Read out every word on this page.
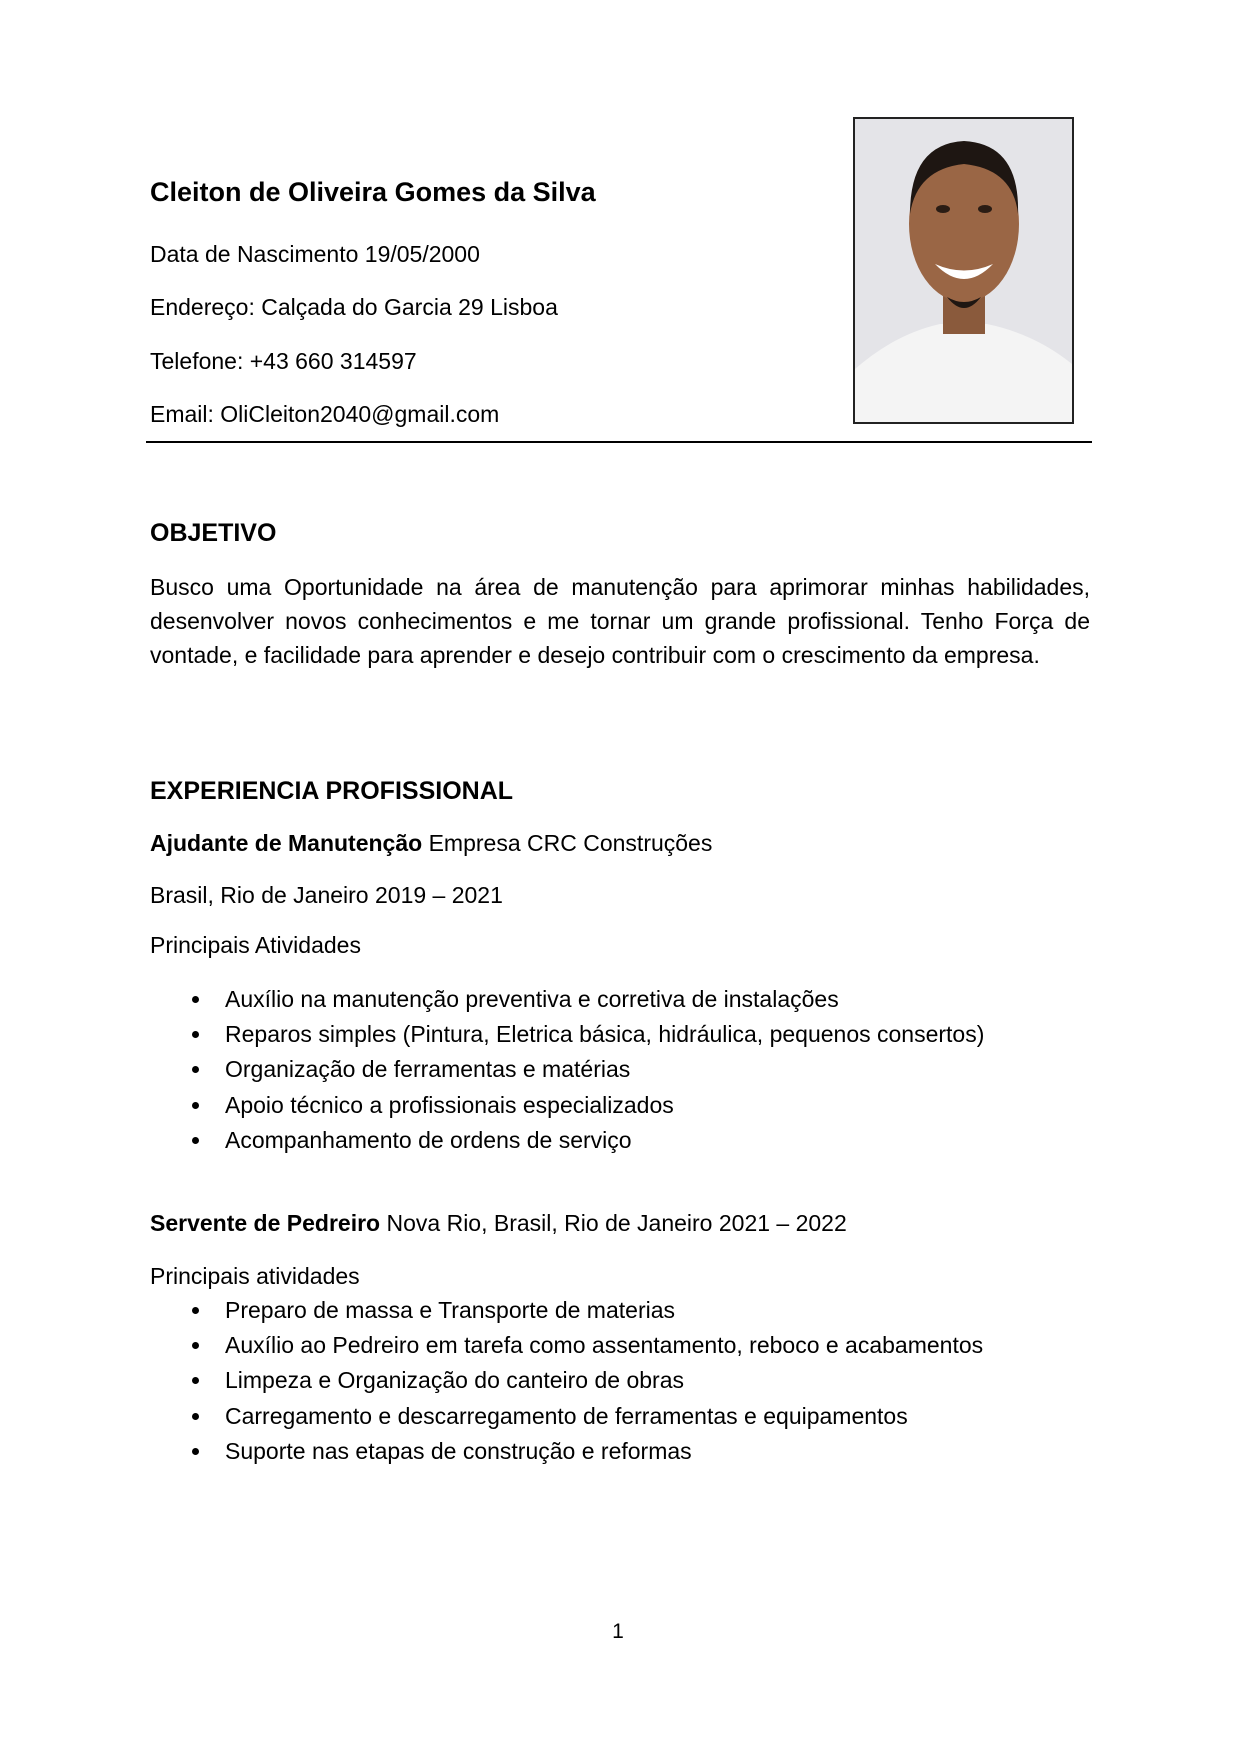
Cleiton de Oliveira Gomes da Silva
Data de Nascimento 19/05/2000
Endereço: Calçada do Garcia 29 Lisboa
Telefone: +43 660 314597
Email: OliCleiton2040@gmail.com
OBJETIVO
Busco uma Oportunidade na área de manutenção para aprimorar minhas habilidades, desenvolver novos conhecimentos e me tornar um grande profissional. Tenho Força de vontade, e facilidade para aprender e desejo contribuir com o crescimento da empresa.
EXPERIENCIA PROFISSIONAL
Ajudante de Manutenção Empresa CRC Construções
Brasil, Rio de Janeiro 2019 – 2021
Principais Atividades
Auxílio na manutenção preventiva e corretiva de instalações
Reparos simples (Pintura, Eletrica básica, hidráulica, pequenos consertos)
Organização de ferramentas e matérias
Apoio técnico a profissionais especializados
Acompanhamento de ordens de serviço
Servente de Pedreiro Nova Rio, Brasil, Rio de Janeiro 2021 – 2022
Principais atividades
Preparo de massa e Transporte de materias
Auxílio ao Pedreiro em tarefa como assentamento, reboco e acabamentos
Limpeza e Organização do canteiro de obras
Carregamento e descarregamento de ferramentas e equipamentos
Suporte nas etapas de construção e reformas
1
